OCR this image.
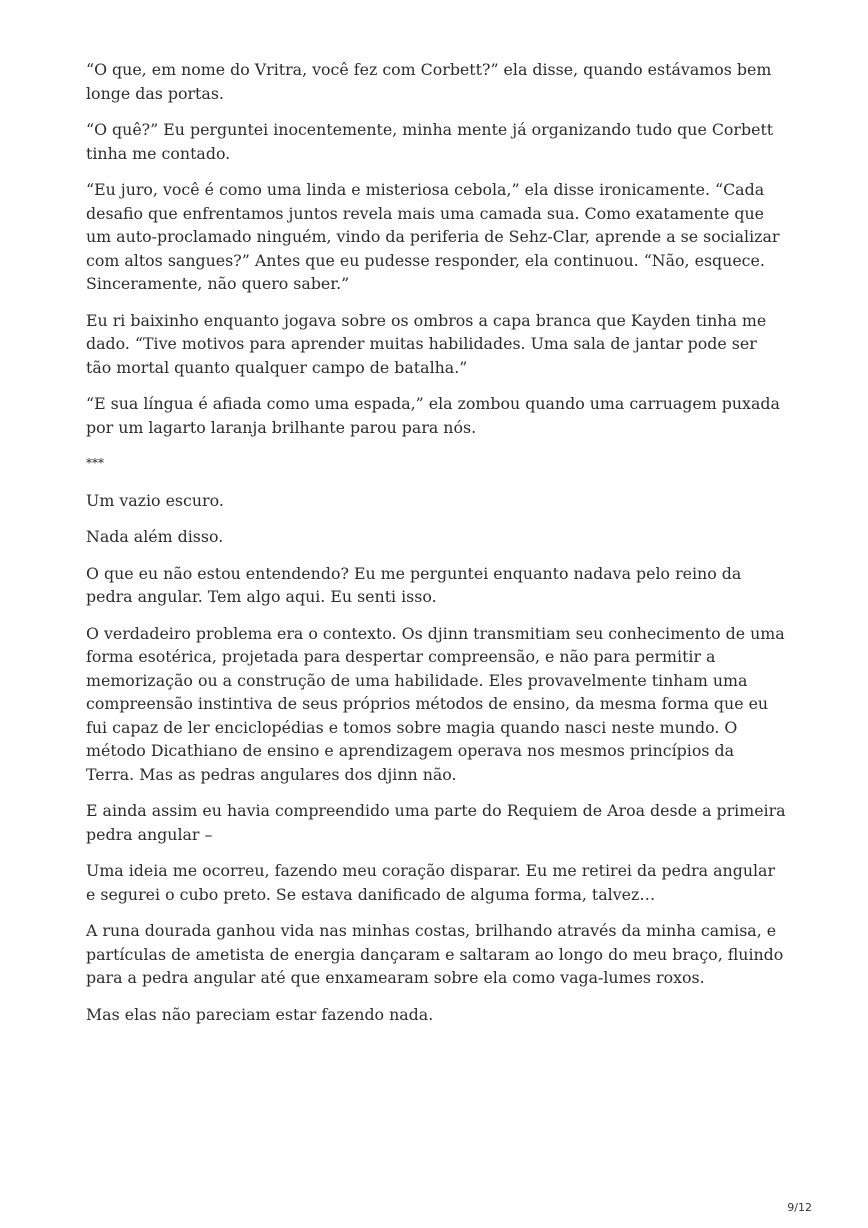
“O que, em nome do Vritra, você fez com Corbett?” ela disse, quando estávamos bem longe das portas.

“O quê?” Eu perguntei inocentemente, minha mente já organizando tudo que Corbett tinha me contado.

“Eu juro, você é como uma linda e misteriosa cebola,” ela disse ironicamente. “Cada desafio que enfrentamos juntos revela mais uma camada sua. Como exatamente que um auto-proclamado ninguém, vindo da periferia de Sehz-Clar, aprende a se socializar com altos sangues?” Antes que eu pudesse responder, ela continuou. “Não, esquece. Sinceramente, não quero saber.”

Eu ri baixinho enquanto jogava sobre os ombros a capa branca que Kayden tinha me dado. “Tive motivos para aprender muitas habilidades. Uma sala de jantar pode ser tão mortal quanto qualquer campo de batalha.”

“E sua língua é afiada como uma espada,” ela zombou quando uma carruagem puxada por um lagarto laranja brilhante parou para nós.

***

Um vazio escuro.

Nada além disso.

O que eu não estou entendendo? Eu me perguntei enquanto nadava pelo reino da pedra angular. Tem algo aqui. Eu senti isso.

O verdadeiro problema era o contexto. Os djinn transmitiam seu conhecimento de uma forma esotérica, projetada para despertar compreensão, e não para permitir a memorização ou a construção de uma habilidade. Eles provavelmente tinham uma compreensão instintiva de seus próprios métodos de ensino, da mesma forma que eu fui capaz de ler enciclopédias e tomos sobre magia quando nasci neste mundo. O método Dicathiano de ensino e aprendizagem operava nos mesmos princípios da Terra. Mas as pedras angulares dos djinn não.

E ainda assim eu havia compreendido uma parte do Requiem de Aroa desde a primeira pedra angular –

Uma ideia me ocorreu, fazendo meu coração disparar. Eu me retirei da pedra angular e segurei o cubo preto. Se estava danificado de alguma forma, talvez…

A runa dourada ganhou vida nas minhas costas, brilhando através da minha camisa, e partículas de ametista de energia dançaram e saltaram ao longo do meu braço, fluindo para a pedra angular até que enxamearam sobre ela como vaga-lumes roxos.

Mas elas não pareciam estar fazendo nada.

9/12
